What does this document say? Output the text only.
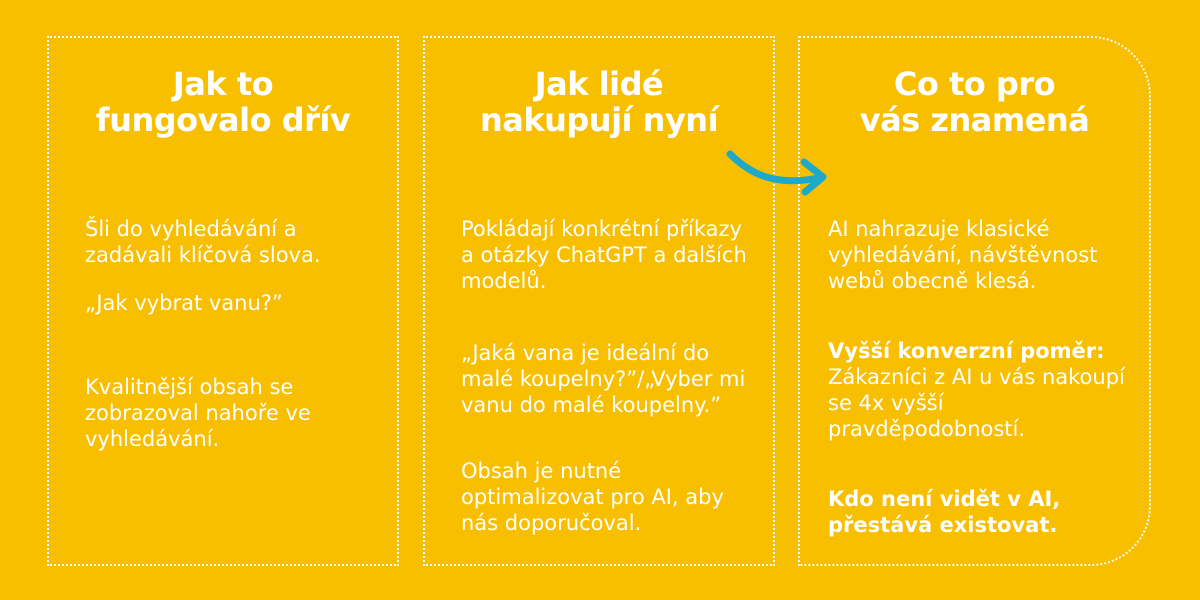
Jak to
fungovalo dřív
Šli do vyhledávání a zadávali klíčová slova.
„Jak vybrat vanu?”
Kvalitnější obsah se zobrazoval nahoře ve vyhledávání.
Jak lidé
nakupují nyní
Pokládají konkrétní příkazy a otázky ChatGPT a dalších modelů.
„Jaká vana je ideální do malé koupelny?”/„Vyber mi vanu do malé koupelny.”
Obsah je nutné optimalizovat pro AI, aby nás doporučoval.
Co to pro
vás znamená
AI nahrazuje klasické vyhledávání, návštěvnost webů obecně klesá.
Vyšší konverzní poměr: Zákazníci z AI u vás nakoupí se 4x vyšší pravděpodobností.
Kdo není vidět v AI, přestává existovat.
